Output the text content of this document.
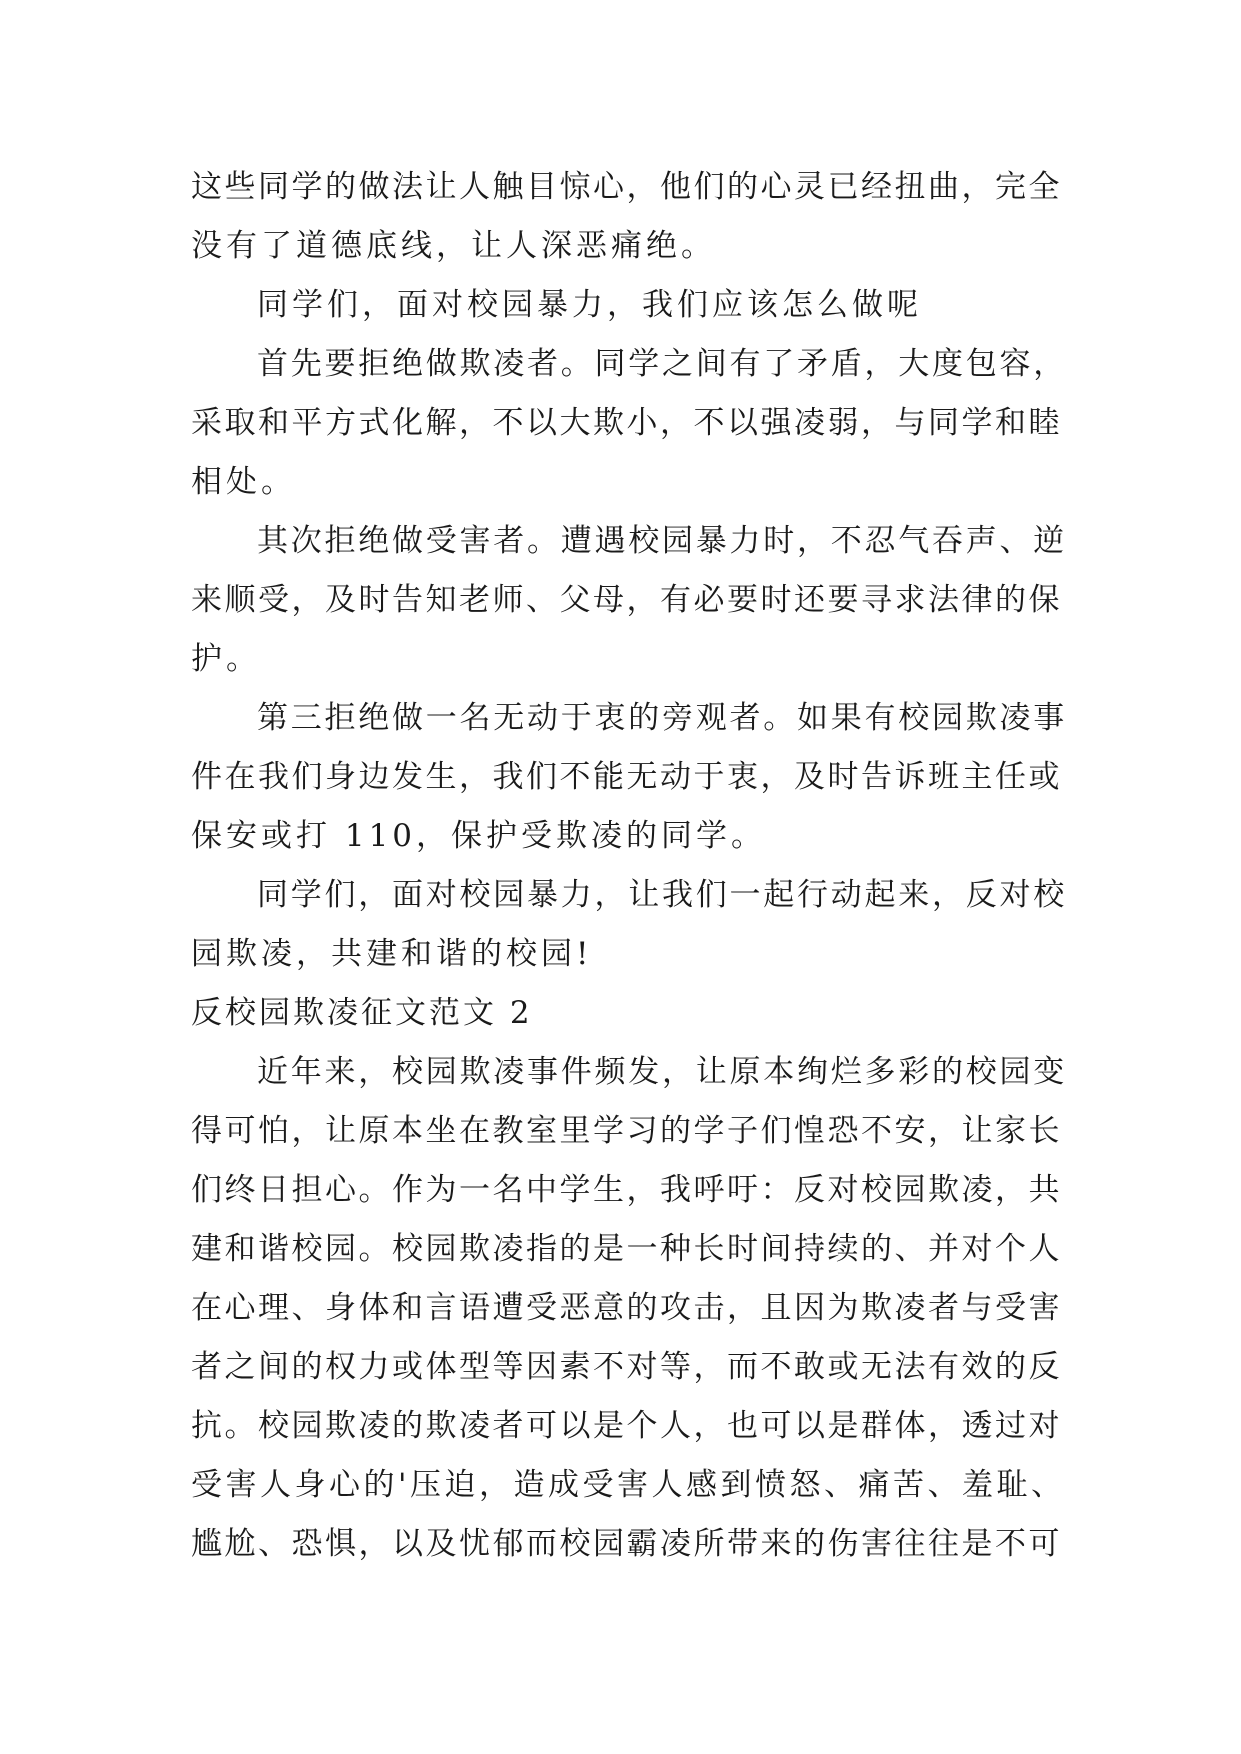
这些同学的做法让人触目惊心，他们的心灵已经扭曲，完全
没有了道德底线，让人深恶痛绝。
同学们，面对校园暴力，我们应该怎么做呢
首先要拒绝做欺凌者。同学之间有了矛盾，大度包容，
采取和平方式化解，不以大欺小，不以强凌弱，与同学和睦
相处。
其次拒绝做受害者。遭遇校园暴力时，不忍气吞声、逆
来顺受，及时告知老师、父母，有必要时还要寻求法律的保
护。
第三拒绝做一名无动于衷的旁观者。如果有校园欺凌事
件在我们身边发生，我们不能无动于衷，及时告诉班主任或
保安或打 110，保护受欺凌的同学。
同学们，面对校园暴力，让我们一起行动起来，反对校
园欺凌，共建和谐的校园!
反校园欺凌征文范文 2
近年来，校园欺凌事件频发，让原本绚烂多彩的校园变
得可怕，让原本坐在教室里学习的学子们惶恐不安，让家长
们终日担心。作为一名中学生，我呼吁：反对校园欺凌，共
建和谐校园。校园欺凌指的是一种长时间持续的、并对个人
在心理、身体和言语遭受恶意的攻击，且因为欺凌者与受害
者之间的权力或体型等因素不对等，而不敢或无法有效的反
抗。校园欺凌的欺凌者可以是个人，也可以是群体，透过对
受害人身心的'压迫，造成受害人感到愤怒、痛苦、羞耻、
尴尬、恐惧，以及忧郁而校园霸凌所带来的伤害往往是不可
